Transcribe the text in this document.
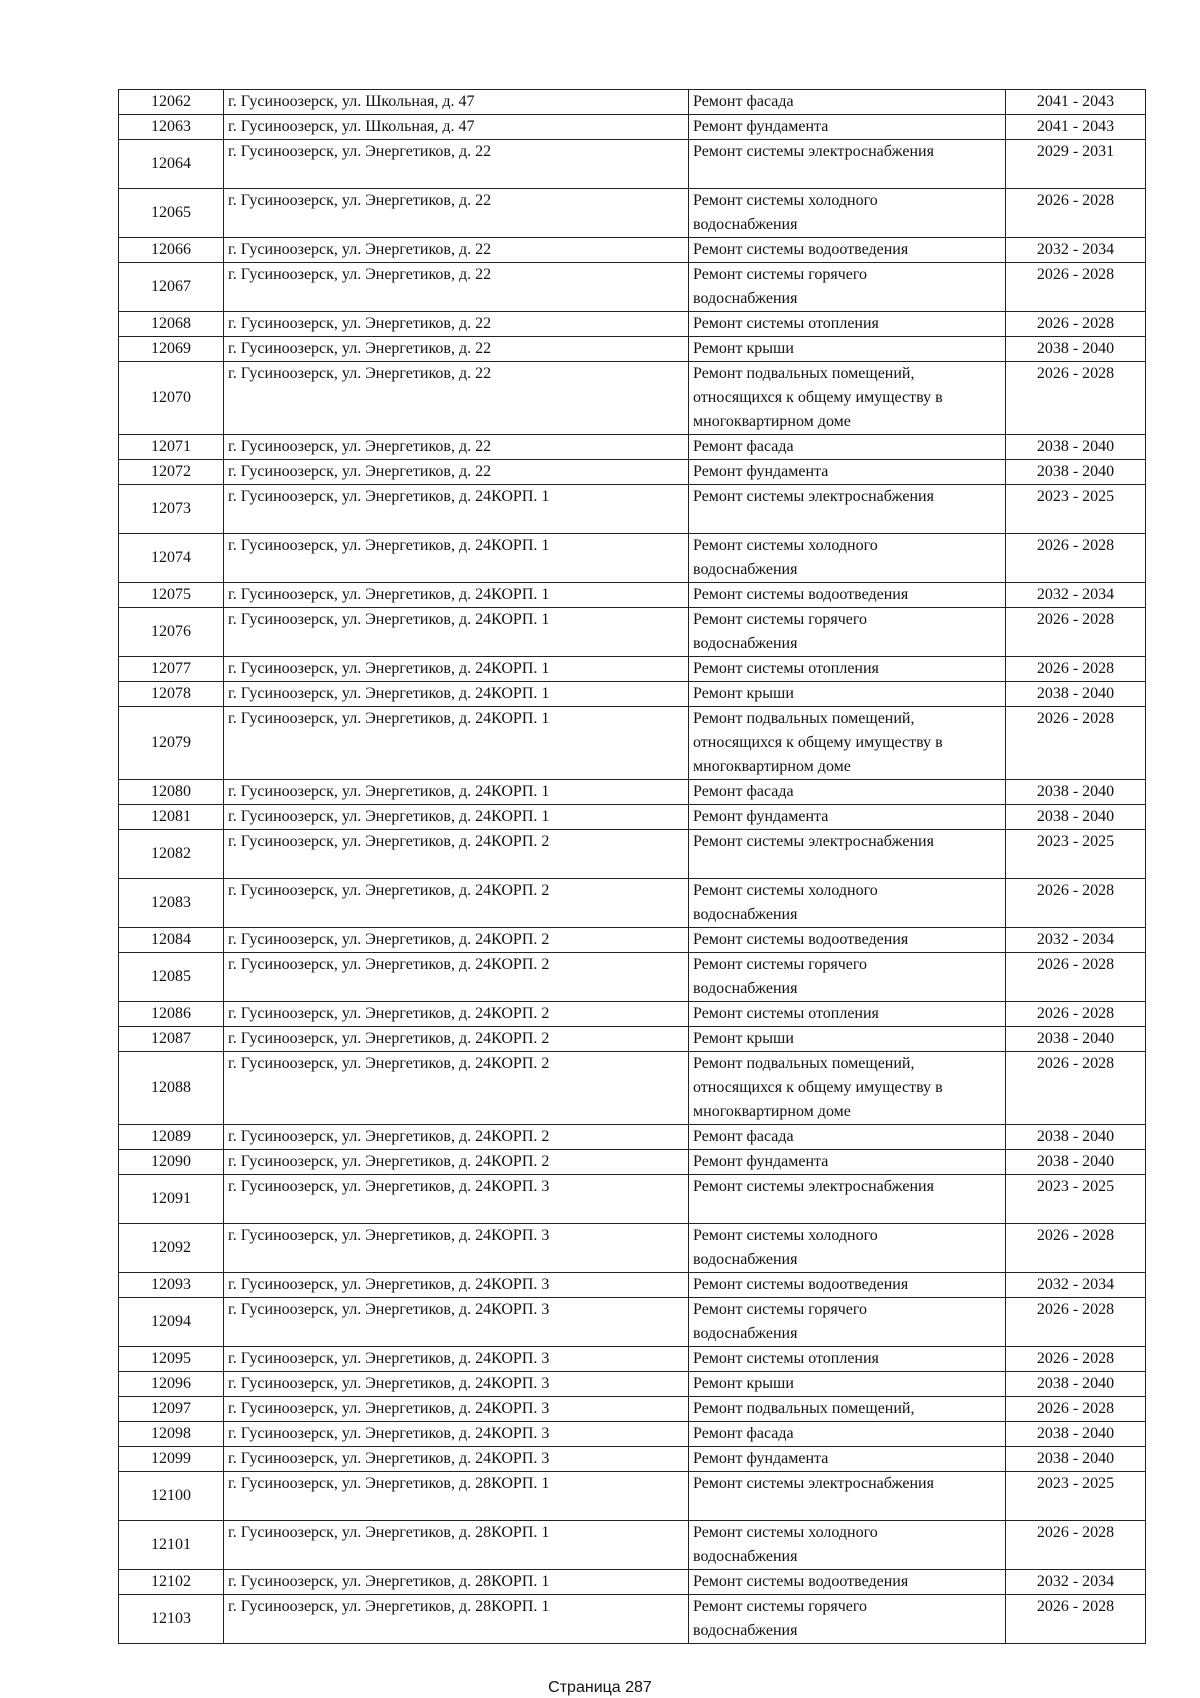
12062	г. Гусиноозерск, ул. Школьная, д. 47	Ремонт фасада	2041 - 2043
12063	г. Гусиноозерск, ул. Школьная, д. 47	Ремонт фундамента	2041 - 2043
12064	г. Гусиноозерск, ул. Энергетиков, д. 22	Ремонт системы электроснабжения	2029 - 2031
12065	г. Гусиноозерск, ул. Энергетиков, д. 22	Ремонт системы холодного
водоснабжения	2026 - 2028
12066	г. Гусиноозерск, ул. Энергетиков, д. 22	Ремонт системы водоотведения	2032 - 2034
12067	г. Гусиноозерск, ул. Энергетиков, д. 22	Ремонт системы горячего
водоснабжения	2026 - 2028
12068	г. Гусиноозерск, ул. Энергетиков, д. 22	Ремонт системы отопления	2026 - 2028
12069	г. Гусиноозерск, ул. Энергетиков, д. 22	Ремонт крыши	2038 - 2040
12070	г. Гусиноозерск, ул. Энергетиков, д. 22	Ремонт подвальных помещений,
относящихся к общему имуществу в
многоквартирном доме	2026 - 2028
12071	г. Гусиноозерск, ул. Энергетиков, д. 22	Ремонт фасада	2038 - 2040
12072	г. Гусиноозерск, ул. Энергетиков, д. 22	Ремонт фундамента	2038 - 2040
12073	г. Гусиноозерск, ул. Энергетиков, д. 24КОРП. 1	Ремонт системы электроснабжения	2023 - 2025
12074	г. Гусиноозерск, ул. Энергетиков, д. 24КОРП. 1	Ремонт системы холодного
водоснабжения	2026 - 2028
12075	г. Гусиноозерск, ул. Энергетиков, д. 24КОРП. 1	Ремонт системы водоотведения	2032 - 2034
12076	г. Гусиноозерск, ул. Энергетиков, д. 24КОРП. 1	Ремонт системы горячего
водоснабжения	2026 - 2028
12077	г. Гусиноозерск, ул. Энергетиков, д. 24КОРП. 1	Ремонт системы отопления	2026 - 2028
12078	г. Гусиноозерск, ул. Энергетиков, д. 24КОРП. 1	Ремонт крыши	2038 - 2040
12079	г. Гусиноозерск, ул. Энергетиков, д. 24КОРП. 1	Ремонт подвальных помещений,
относящихся к общему имуществу в
многоквартирном доме	2026 - 2028
12080	г. Гусиноозерск, ул. Энергетиков, д. 24КОРП. 1	Ремонт фасада	2038 - 2040
12081	г. Гусиноозерск, ул. Энергетиков, д. 24КОРП. 1	Ремонт фундамента	2038 - 2040
12082	г. Гусиноозерск, ул. Энергетиков, д. 24КОРП. 2	Ремонт системы электроснабжения	2023 - 2025
12083	г. Гусиноозерск, ул. Энергетиков, д. 24КОРП. 2	Ремонт системы холодного
водоснабжения	2026 - 2028
12084	г. Гусиноозерск, ул. Энергетиков, д. 24КОРП. 2	Ремонт системы водоотведения	2032 - 2034
12085	г. Гусиноозерск, ул. Энергетиков, д. 24КОРП. 2	Ремонт системы горячего
водоснабжения	2026 - 2028
12086	г. Гусиноозерск, ул. Энергетиков, д. 24КОРП. 2	Ремонт системы отопления	2026 - 2028
12087	г. Гусиноозерск, ул. Энергетиков, д. 24КОРП. 2	Ремонт крыши	2038 - 2040
12088	г. Гусиноозерск, ул. Энергетиков, д. 24КОРП. 2	Ремонт подвальных помещений,
относящихся к общему имуществу в
многоквартирном доме	2026 - 2028
12089	г. Гусиноозерск, ул. Энергетиков, д. 24КОРП. 2	Ремонт фасада	2038 - 2040
12090	г. Гусиноозерск, ул. Энергетиков, д. 24КОРП. 2	Ремонт фундамента	2038 - 2040
12091	г. Гусиноозерск, ул. Энергетиков, д. 24КОРП. 3	Ремонт системы электроснабжения	2023 - 2025
12092	г. Гусиноозерск, ул. Энергетиков, д. 24КОРП. 3	Ремонт системы холодного
водоснабжения	2026 - 2028
12093	г. Гусиноозерск, ул. Энергетиков, д. 24КОРП. 3	Ремонт системы водоотведения	2032 - 2034
12094	г. Гусиноозерск, ул. Энергетиков, д. 24КОРП. 3	Ремонт системы горячего
водоснабжения	2026 - 2028
12095	г. Гусиноозерск, ул. Энергетиков, д. 24КОРП. 3	Ремонт системы отопления	2026 - 2028
12096	г. Гусиноозерск, ул. Энергетиков, д. 24КОРП. 3	Ремонт крыши	2038 - 2040
12097	г. Гусиноозерск, ул. Энергетиков, д. 24КОРП. 3	Ремонт подвальных помещений,	2026 - 2028
12098	г. Гусиноозерск, ул. Энергетиков, д. 24КОРП. 3	Ремонт фасада	2038 - 2040
12099	г. Гусиноозерск, ул. Энергетиков, д. 24КОРП. 3	Ремонт фундамента	2038 - 2040
12100	г. Гусиноозерск, ул. Энергетиков, д. 28КОРП. 1	Ремонт системы электроснабжения	2023 - 2025
12101	г. Гусиноозерск, ул. Энергетиков, д. 28КОРП. 1	Ремонт системы холодного
водоснабжения	2026 - 2028
12102	г. Гусиноозерск, ул. Энергетиков, д. 28КОРП. 1	Ремонт системы водоотведения	2032 - 2034
12103	г. Гусиноозерск, ул. Энергетиков, д. 28КОРП. 1	Ремонт системы горячего
водоснабжения	2026 - 2028
Страница 287
